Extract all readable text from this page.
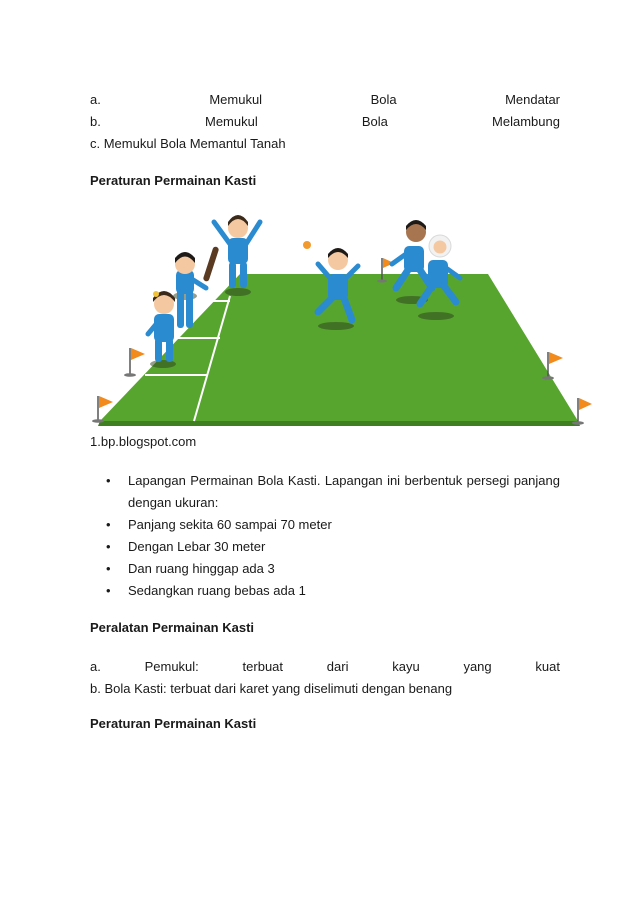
a.	Memukul	Bola	Mendatar
b.	Memukul	Bola	Melambung
c. Memukul Bola Memantul Tanah
Peraturan Permainan Kasti
1.bp.blogspot.com
• Lapangan Permainan Bola Kasti. Lapangan ini berbentuk persegi panjang
dengan ukuran:
• Panjang sekita 60 sampai 70 meter
• Dengan Lebar 30 meter
• Dan ruang hinggap ada 3
• Sedangkan ruang bebas ada 1
Peralatan Permainan Kasti
a.	Pemukul:	terbuat	dari	kayu	yang	kuat
b. Bola Kasti: terbuat dari karet yang diselimuti dengan benang
Peraturan Permainan Kasti
